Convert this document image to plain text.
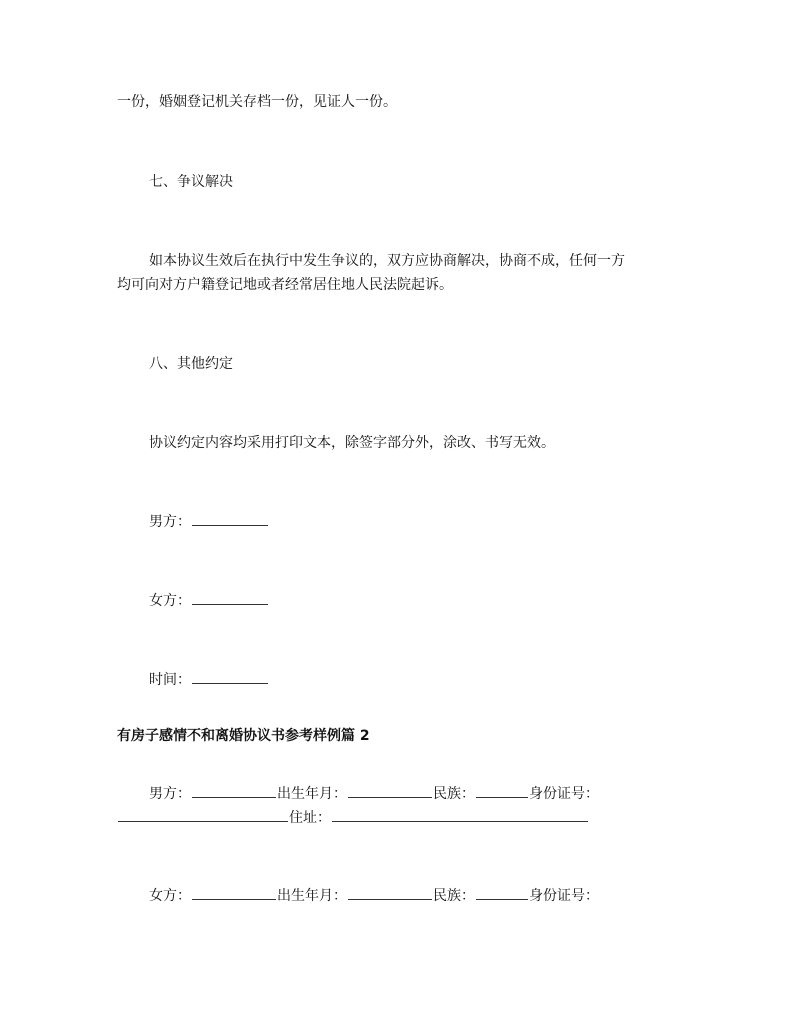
一份，婚姻登记机关存档一份，见证人一份。
七、争议解决
如本协议生效后在执行中发生争议的，双方应协商解决，协商不成，任何一方
均可向对方户籍登记地或者经常居住地人民法院起诉。
八、其他约定
协议约定内容均采用打印文本，除签字部分外，涂改、书写无效。
男方：
女方：
时间：
有房子感情不和离婚协议书参考样例篇 2
男方：	出生年月：	民族：	身份证号：
住址：
女方：	出生年月：	民族：	身份证号：
